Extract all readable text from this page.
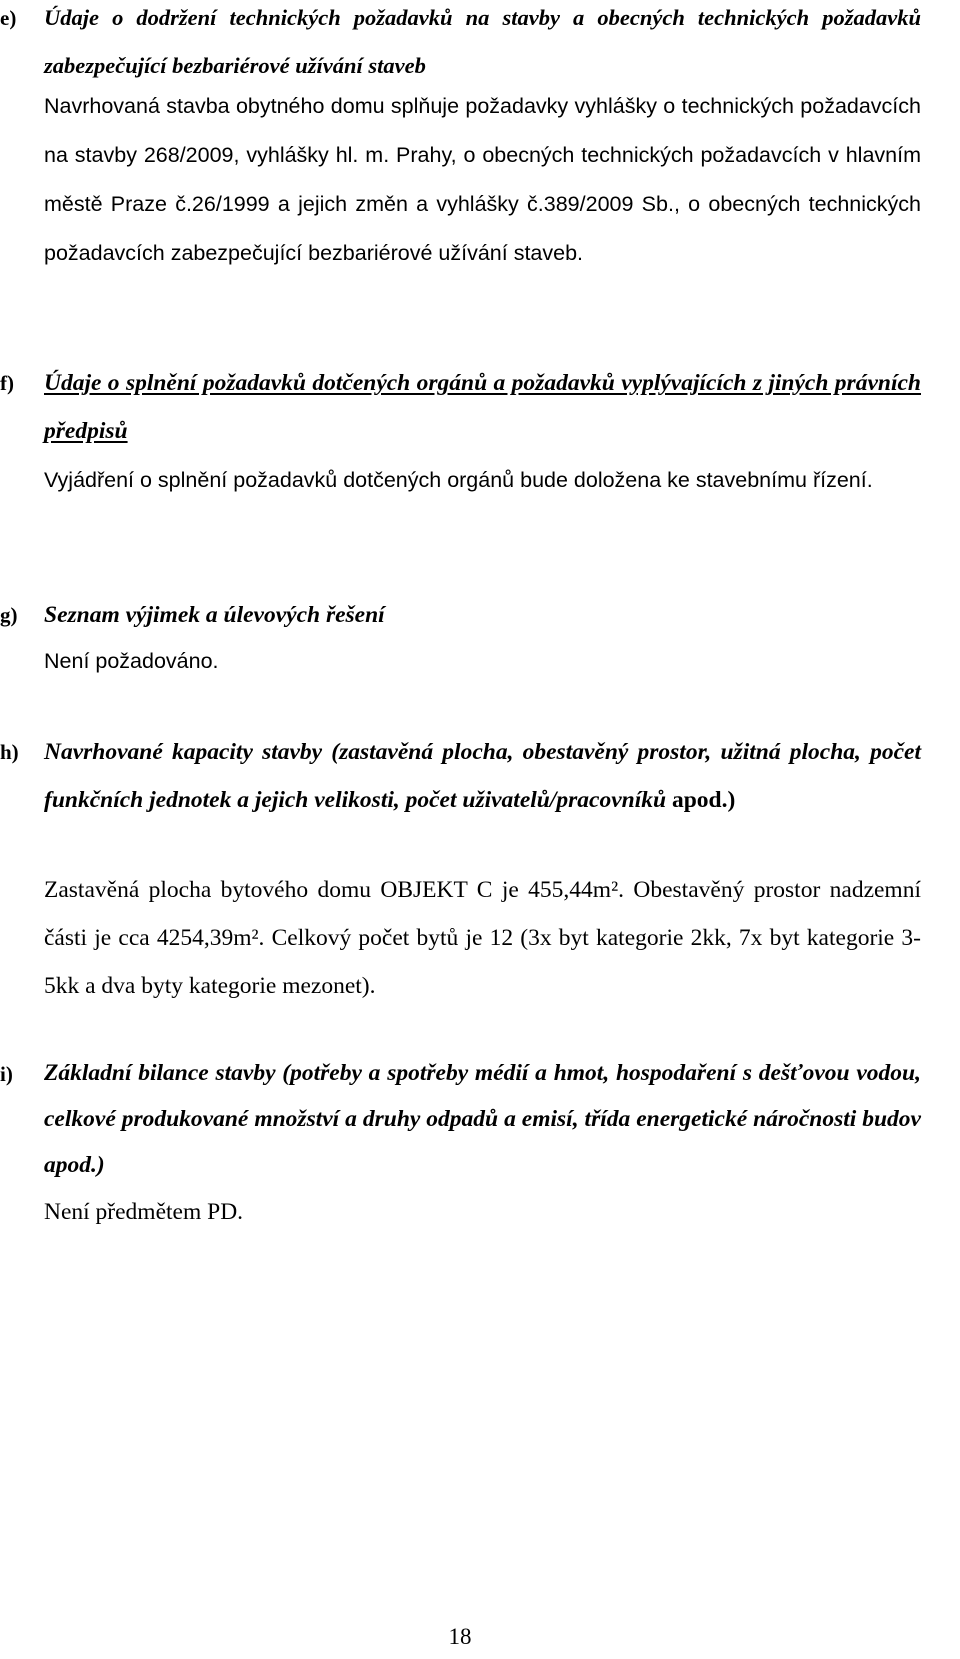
e) Údaje o dodržení technických požadavků na stavby a obecných technických požadavků zabezpečující bezbariérové užívání staveb
Navrhovaná stavba obytného domu splňuje požadavky vyhlášky o technických požadavcích na stavby 268/2009, vyhlášky hl. m. Prahy, o obecných technických požadavcích v hlavním městě Praze č.26/1999 a jejich změn a vyhlášky č.389/2009 Sb., o obecných technických požadavcích zabezpečující bezbariérové užívání staveb.
f) Údaje o splnění požadavků dotčených orgánů a požadavků vyplývajících z jiných právních předpisů
Vyjádření o splnění požadavků dotčených orgánů bude doložena ke stavebnímu řízení.
g) Seznam výjimek a úlevových řešení
Není požadováno.
h) Navrhované kapacity stavby (zastavěná plocha, obestavěný prostor, užitná plocha, počet funkčních jednotek a jejich velikosti, počet uživatelů/pracovníků apod.)
Zastavěná plocha bytového domu OBJEKT C je 455,44m². Obestavěný prostor nadzemní části je cca 4254,39m². Celkový počet bytů je 12 (3x byt kategorie 2kk, 7x byt kategorie 3-5kk a dva byty kategorie mezonet).
i) Základní bilance stavby (potřeby a spotřeby médií a hmot, hospodaření s dešťovou vodou, celkové produkované množství a druhy odpadů a emisí, třída energetické náročnosti budov apod.)
Není předmětem PD.
18
